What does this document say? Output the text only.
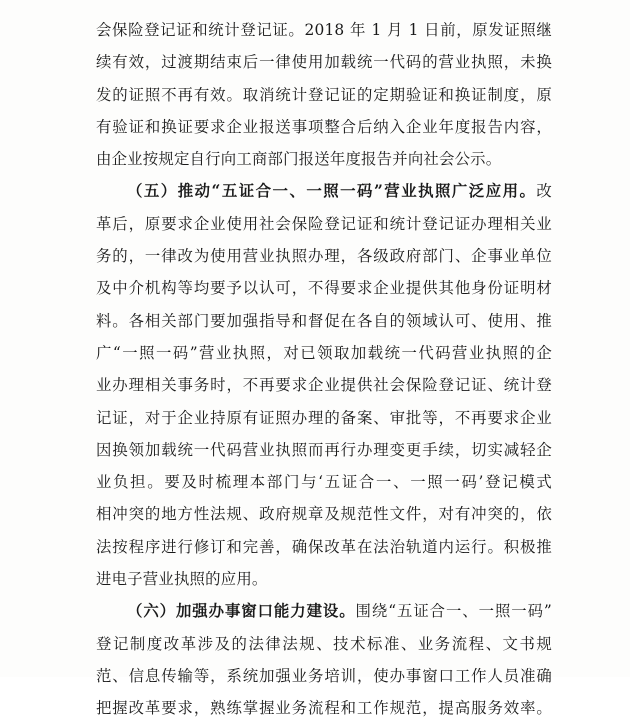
会保险登记证和统计登记证。2018 年 1 月 1 日前，原发证照继
续有效，过渡期结束后一律使用加载统一代码的营业执照，未换
发的证照不再有效。取消统计登记证的定期验证和换证制度，原
有验证和换证要求企业报送事项整合后纳入企业年度报告内容，
由企业按规定自行向工商部门报送年度报告并向社会公示。
（五）推动“五证合一、一照一码”营业执照广泛应用。改
革后，原要求企业使用社会保险登记证和统计登记证办理相关业
务的，一律改为使用营业执照办理，各级政府部门、企事业单位
及中介机构等均要予以认可，不得要求企业提供其他身份证明材
料。各相关部门要加强指导和督促在各自的领域认可、使用、推
广“一照一码”营业执照，对已领取加载统一代码营业执照的企
业办理相关事务时，不再要求企业提供社会保险登记证、统计登
记证，对于企业持原有证照办理的备案、审批等，不再要求企业
因换领加载统一代码营业执照而再行办理变更手续，切实减轻企
业负担。要及时梳理本部门与‘五证合一、一照一码’登记模式
相冲突的地方性法规、政府规章及规范性文件，对有冲突的，依
法按程序进行修订和完善，确保改革在法治轨道内运行。积极推
进电子营业执照的应用。
（六）加强办事窗口能力建设。围绕“五证合一、一照一码”
登记制度改革涉及的法律法规、技术标准、业务流程、文书规
范、信息传输等，系统加强业务培训，使办事窗口工作人员准确
把握改革要求，熟练掌握业务流程和工作规范，提高服务效率。
